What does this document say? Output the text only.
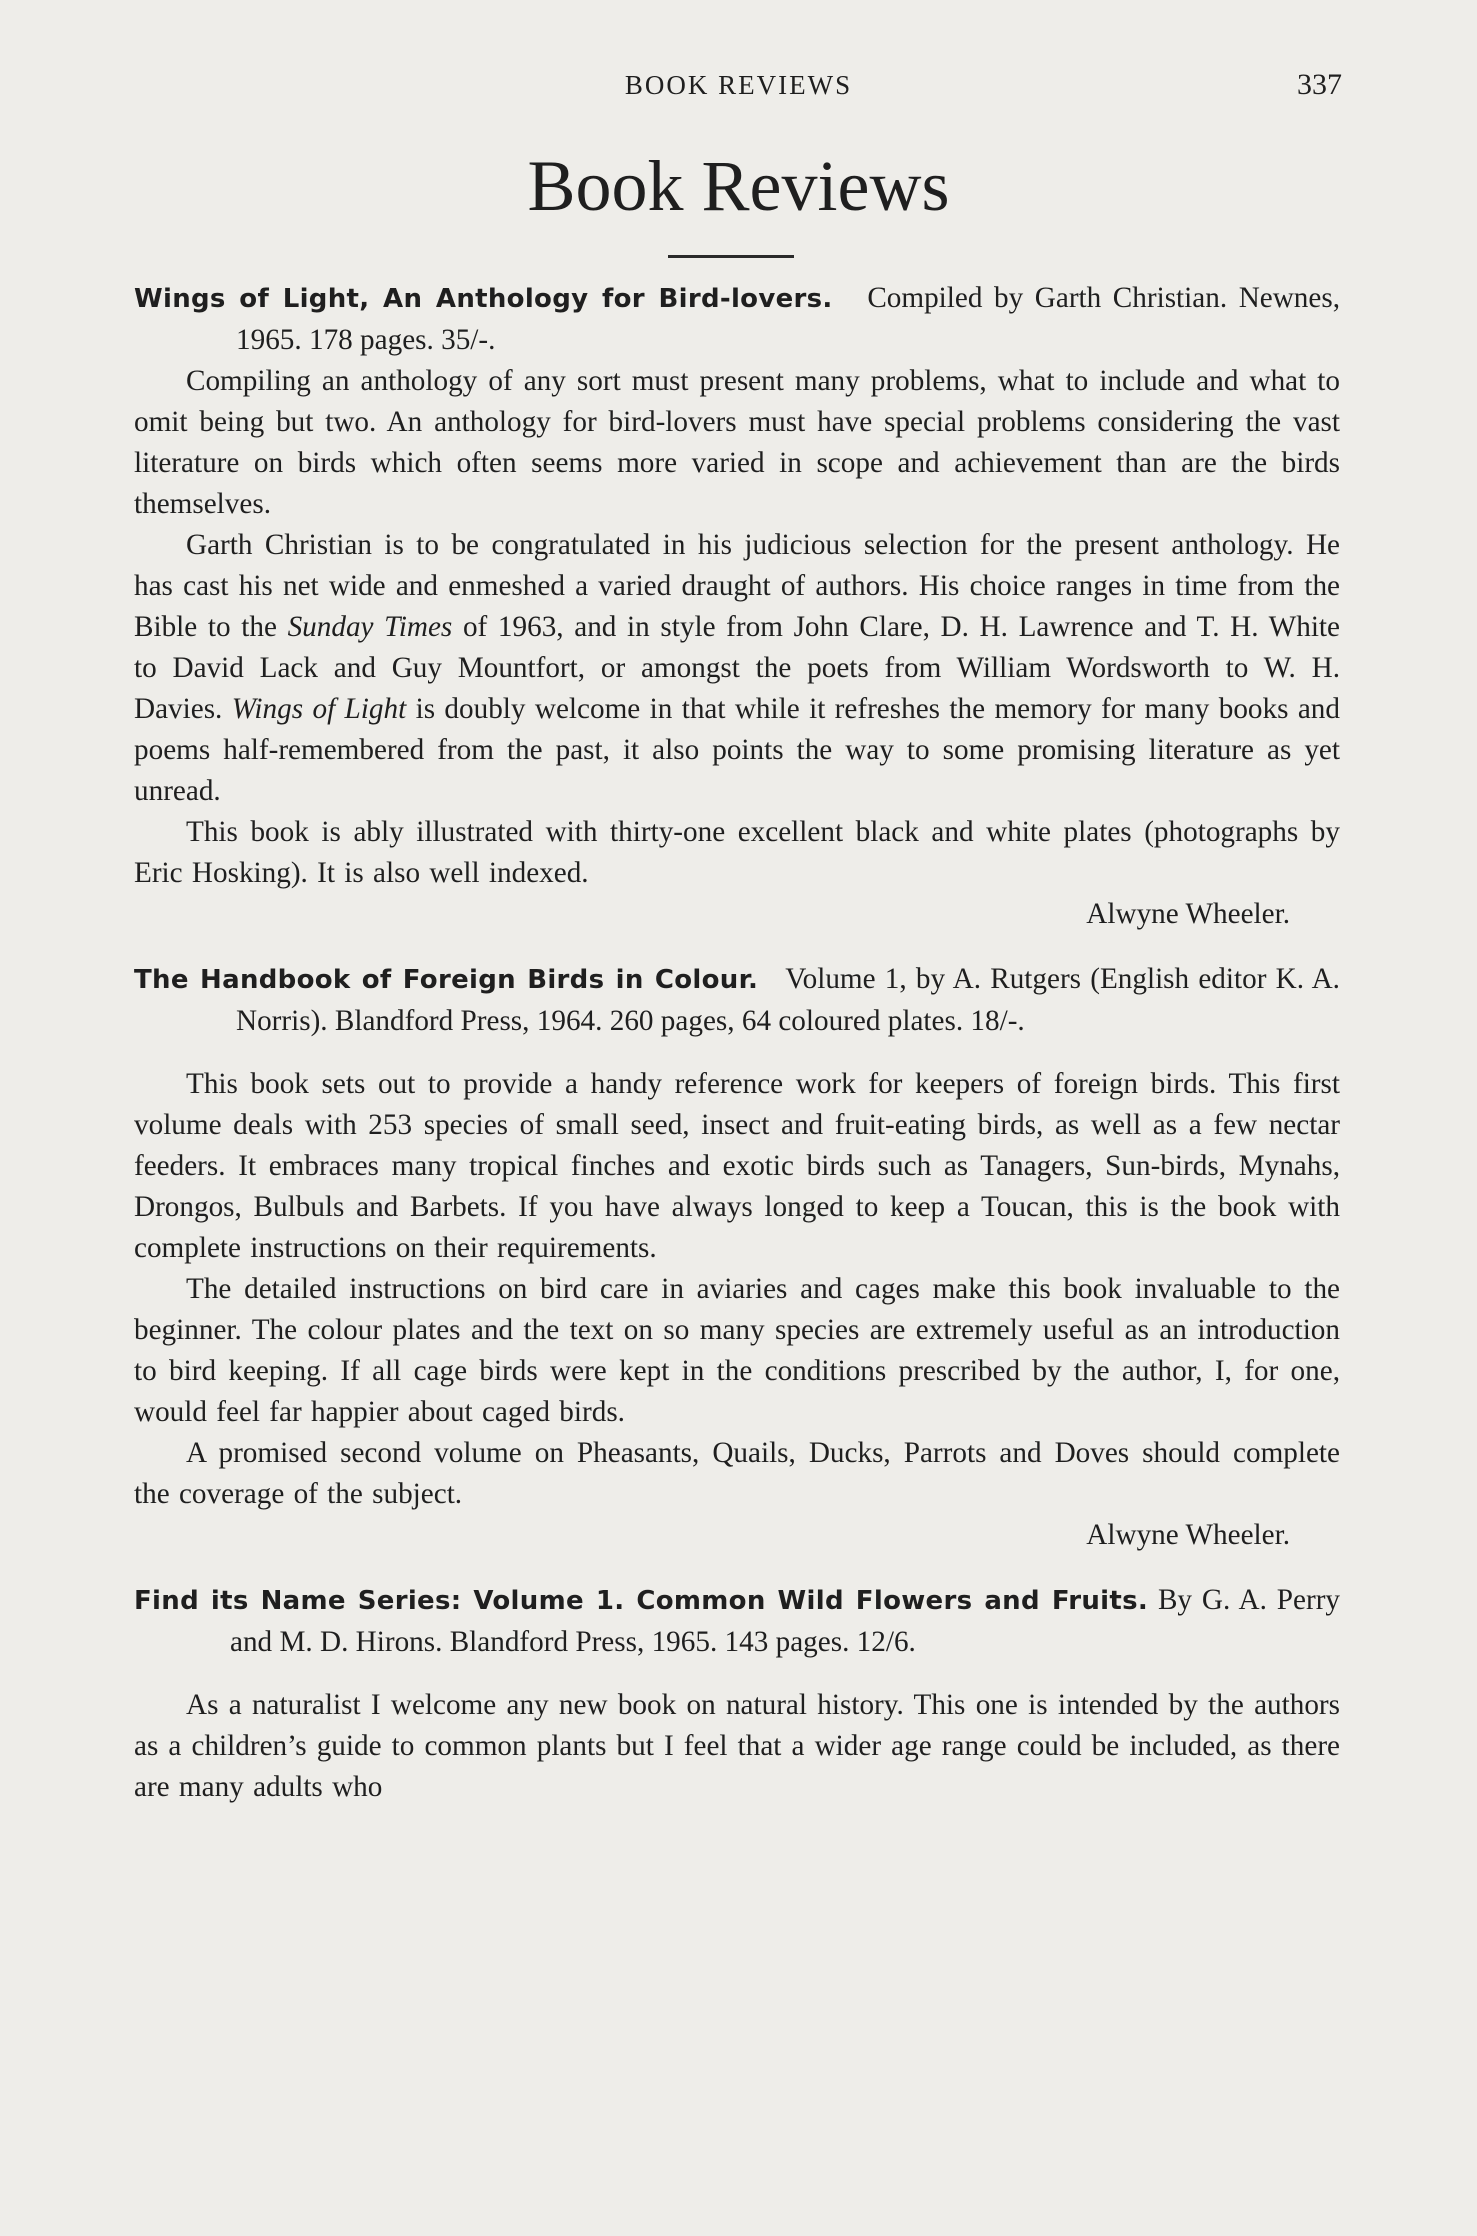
BOOK REVIEWS	337
Book Reviews

Wings of Light, An Anthology for Bird-lovers. Compiled by Garth Christian. Newnes, 1965. 178 pages. 35/-.

Compiling an anthology of any sort must present many problems, what to include and what to omit being but two. An anthology for bird-lovers must have special problems considering the vast literature on birds which often seems more varied in scope and achievement than are the birds themselves.

Garth Christian is to be congratulated in his judicious selection for the present anthology. He has cast his net wide and enmeshed a varied draught of authors. His choice ranges in time from the Bible to the Sunday Times of 1963, and in style from John Clare, D. H. Lawrence and T. H. White to David Lack and Guy Mountfort, or amongst the poets from William Wordsworth to W. H. Davies. Wings of Light is doubly welcome in that while it refreshes the memory for many books and poems half-remembered from the past, it also points the way to some promising literature as yet unread.

This book is ably illustrated with thirty-one excellent black and white plates (photographs by Eric Hosking). It is also well indexed.

Alwyne Wheeler.

The Handbook of Foreign Birds in Colour. Volume 1, by A. Rutgers (English editor K. A. Norris). Blandford Press, 1964. 260 pages, 64 coloured plates. 18/-.

This book sets out to provide a handy reference work for keepers of foreign birds. This first volume deals with 253 species of small seed, insect and fruit-eating birds, as well as a few nectar feeders. It embraces many tropical finches and exotic birds such as Tanagers, Sun-birds, Mynahs, Drongos, Bulbuls and Barbets. If you have always longed to keep a Toucan, this is the book with complete instructions on their requirements.

The detailed instructions on bird care in aviaries and cages make this book invaluable to the beginner. The colour plates and the text on so many species are extremely useful as an introduction to bird keeping. If all cage birds were kept in the conditions prescribed by the author, I, for one, would feel far happier about caged birds.

A promised second volume on Pheasants, Quails, Ducks, Parrots and Doves should complete the coverage of the subject.

Alwyne Wheeler.

Find its Name Series: Volume 1. Common Wild Flowers and Fruits. By G. A. Perry and M. D. Hirons. Blandford Press, 1965. 143 pages. 12/6.

As a naturalist I welcome any new book on natural history. This one is intended by the authors as a children’s guide to common plants but I feel that a wider age range could be included, as there are many adults who
